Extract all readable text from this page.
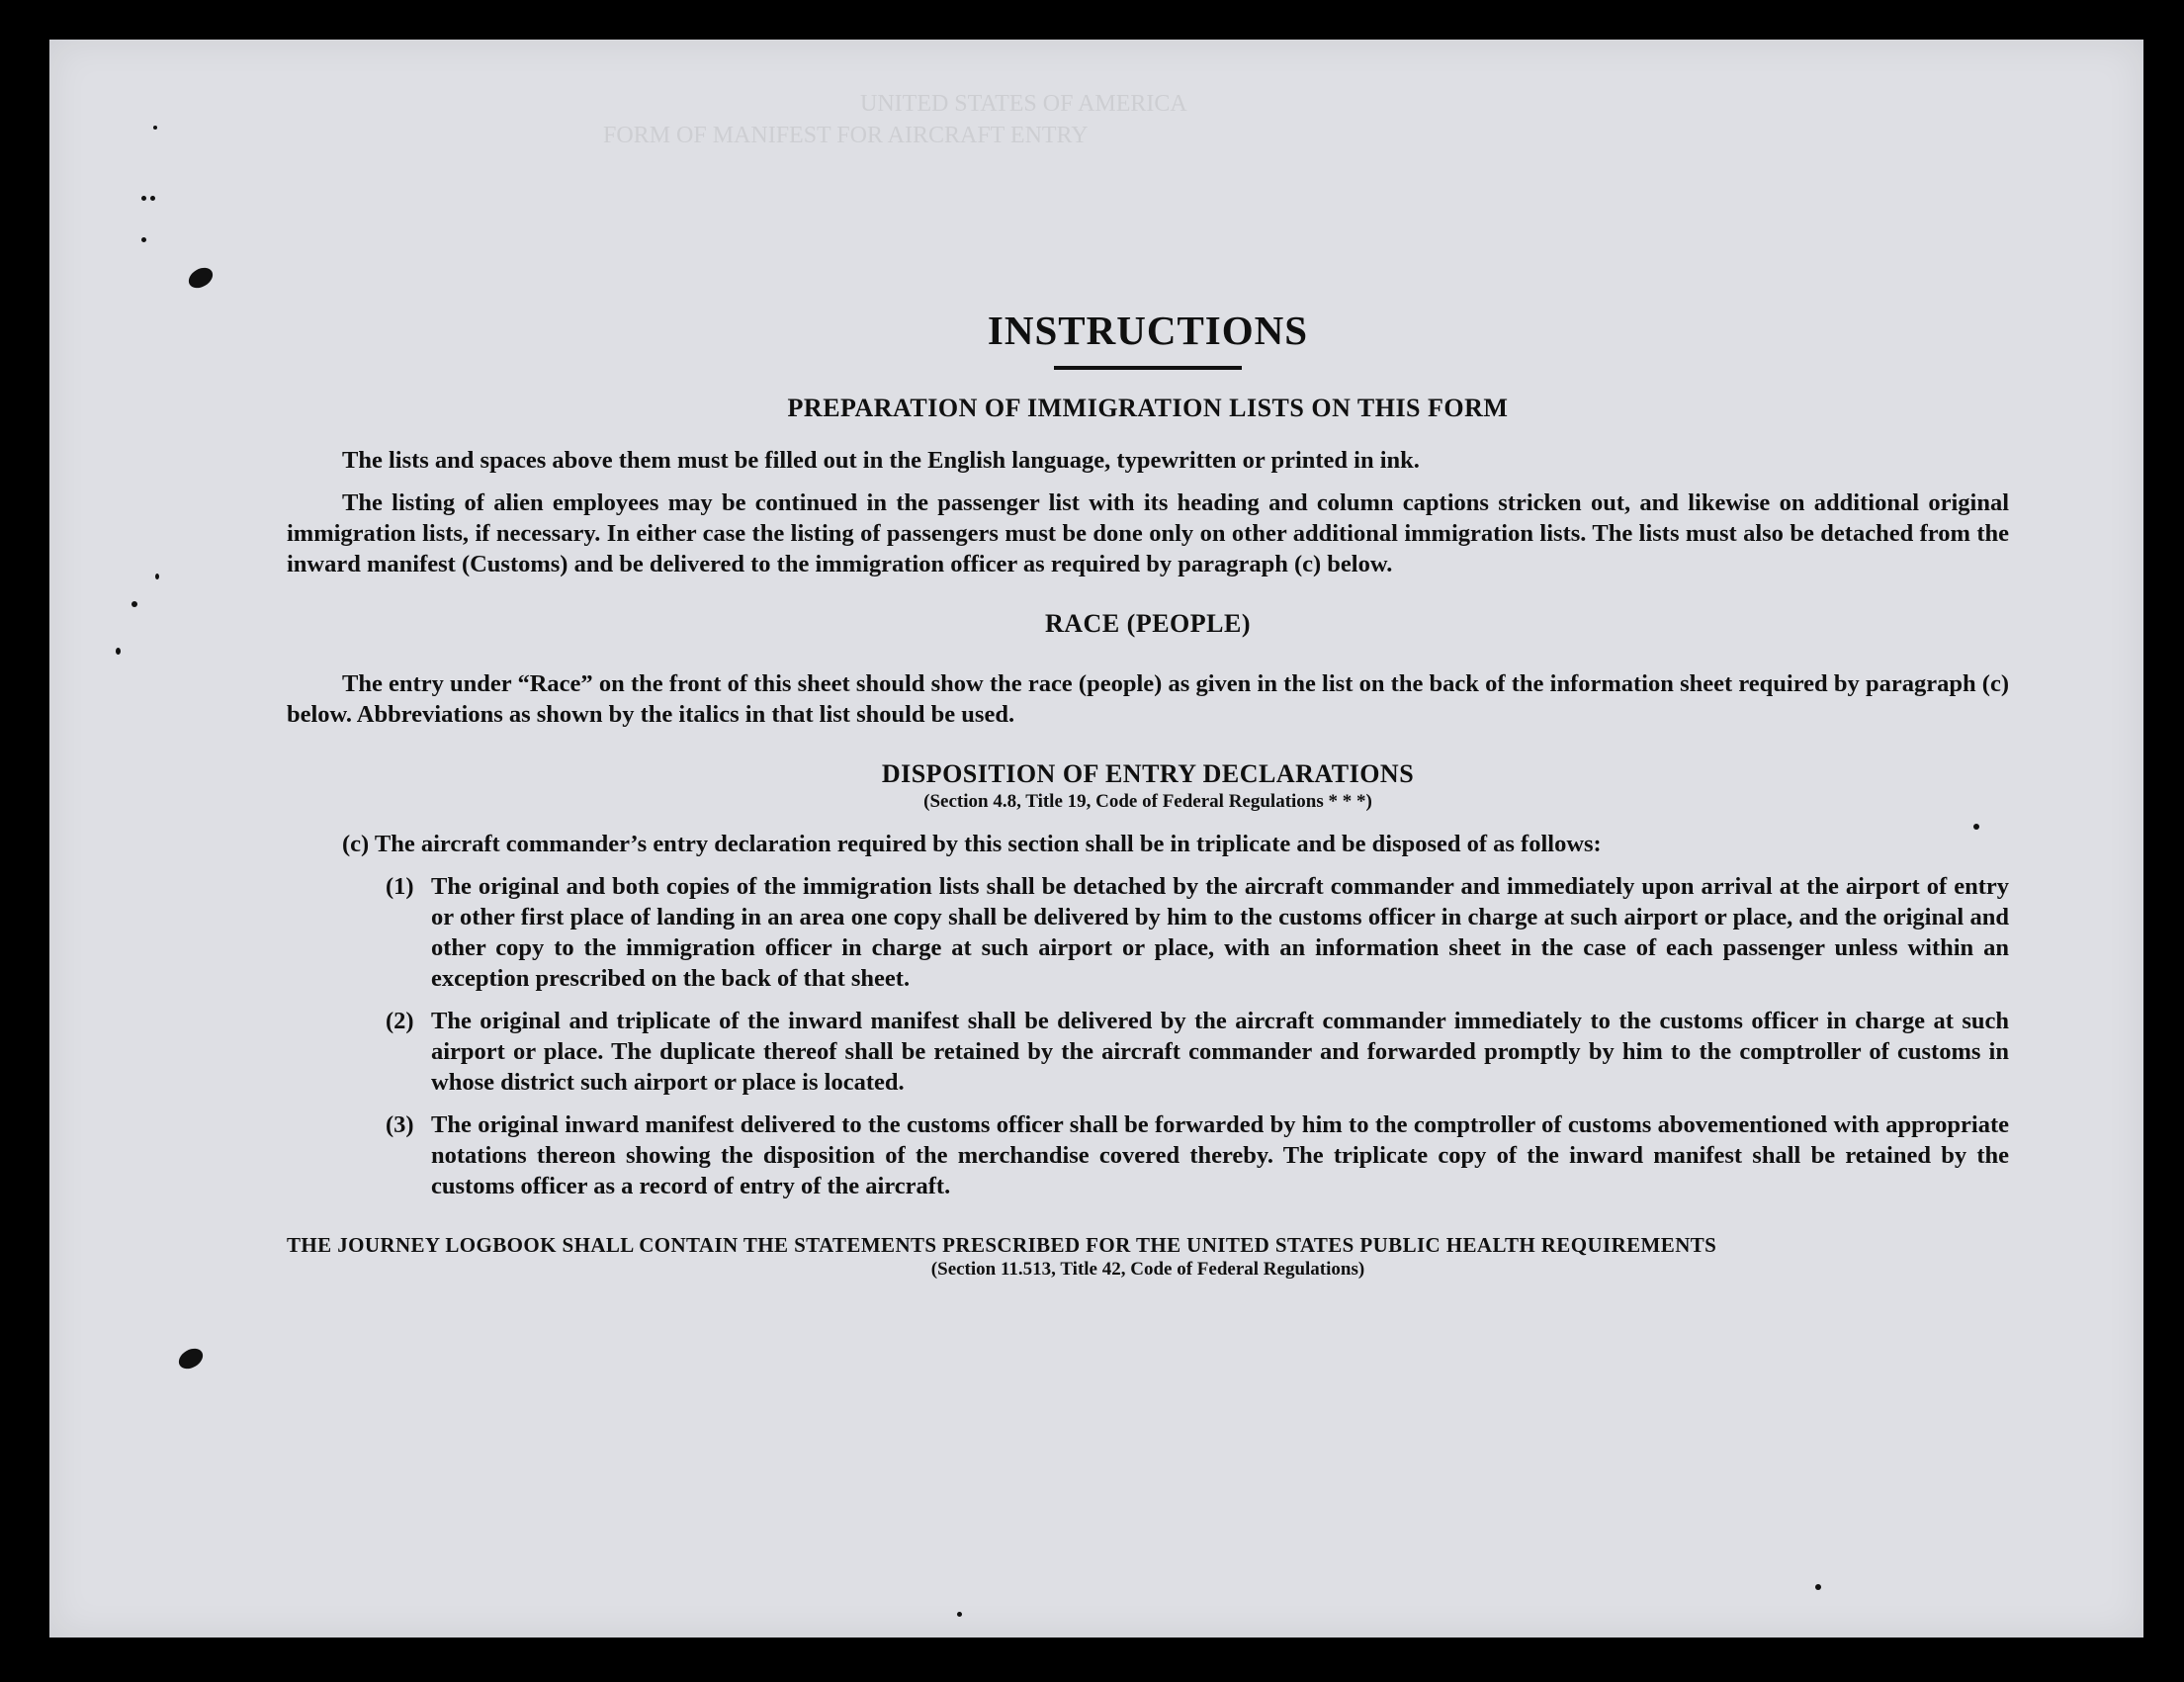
UNITED STATES OF AMERICA
FORM OF MANIFEST FOR AIRCRAFT ENTRY
INSTRUCTIONS
PREPARATION OF IMMIGRATION LISTS ON THIS FORM

The lists and spaces above them must be filled out in the English language, typewritten or printed in ink.

The listing of alien employees may be continued in the passenger list with its heading and column captions stricken out, and likewise on additional original immigration lists, if necessary. In either case the listing of passengers must be done only on other additional immigration lists. The lists must also be detached from the inward manifest (Customs) and be delivered to the immigration officer as required by paragraph (c) below.

RACE (PEOPLE)

The entry under “Race” on the front of this sheet should show the race (people) as given in the list on the back of the information sheet required by paragraph (c) below. Abbreviations as shown by the italics in that list should be used.

DISPOSITION OF ENTRY DECLARATIONS
(Section 4.8, Title 19, Code of Federal Regulations * * *)

(c) The aircraft commander’s entry declaration required by this section shall be in triplicate and be disposed of as follows:

(1) The original and both copies of the immigration lists shall be detached by the aircraft commander and immediately upon arrival at the airport of entry or other first place of landing in an area one copy shall be delivered by him to the customs officer in charge at such airport or place, and the original and other copy to the immigration officer in charge at such airport or place, with an information sheet in the case of each passenger unless within an exception prescribed on the back of that sheet.
(2) The original and triplicate of the inward manifest shall be delivered by the aircraft commander immediately to the customs officer in charge at such airport or place. The duplicate thereof shall be retained by the aircraft commander and forwarded promptly by him to the comptroller of customs in whose district such airport or place is located.
(3) The original inward manifest delivered to the customs officer shall be forwarded by him to the comptroller of customs abovementioned with appropriate notations thereon showing the disposition of the merchandise covered thereby. The triplicate copy of the inward manifest shall be retained by the customs officer as a record of entry of the aircraft.
THE JOURNEY LOGBOOK SHALL CONTAIN THE STATEMENTS PRESCRIBED FOR THE UNITED STATES PUBLIC HEALTH REQUIREMENTS
(Section 11.513, Title 42, Code of Federal Regulations)
